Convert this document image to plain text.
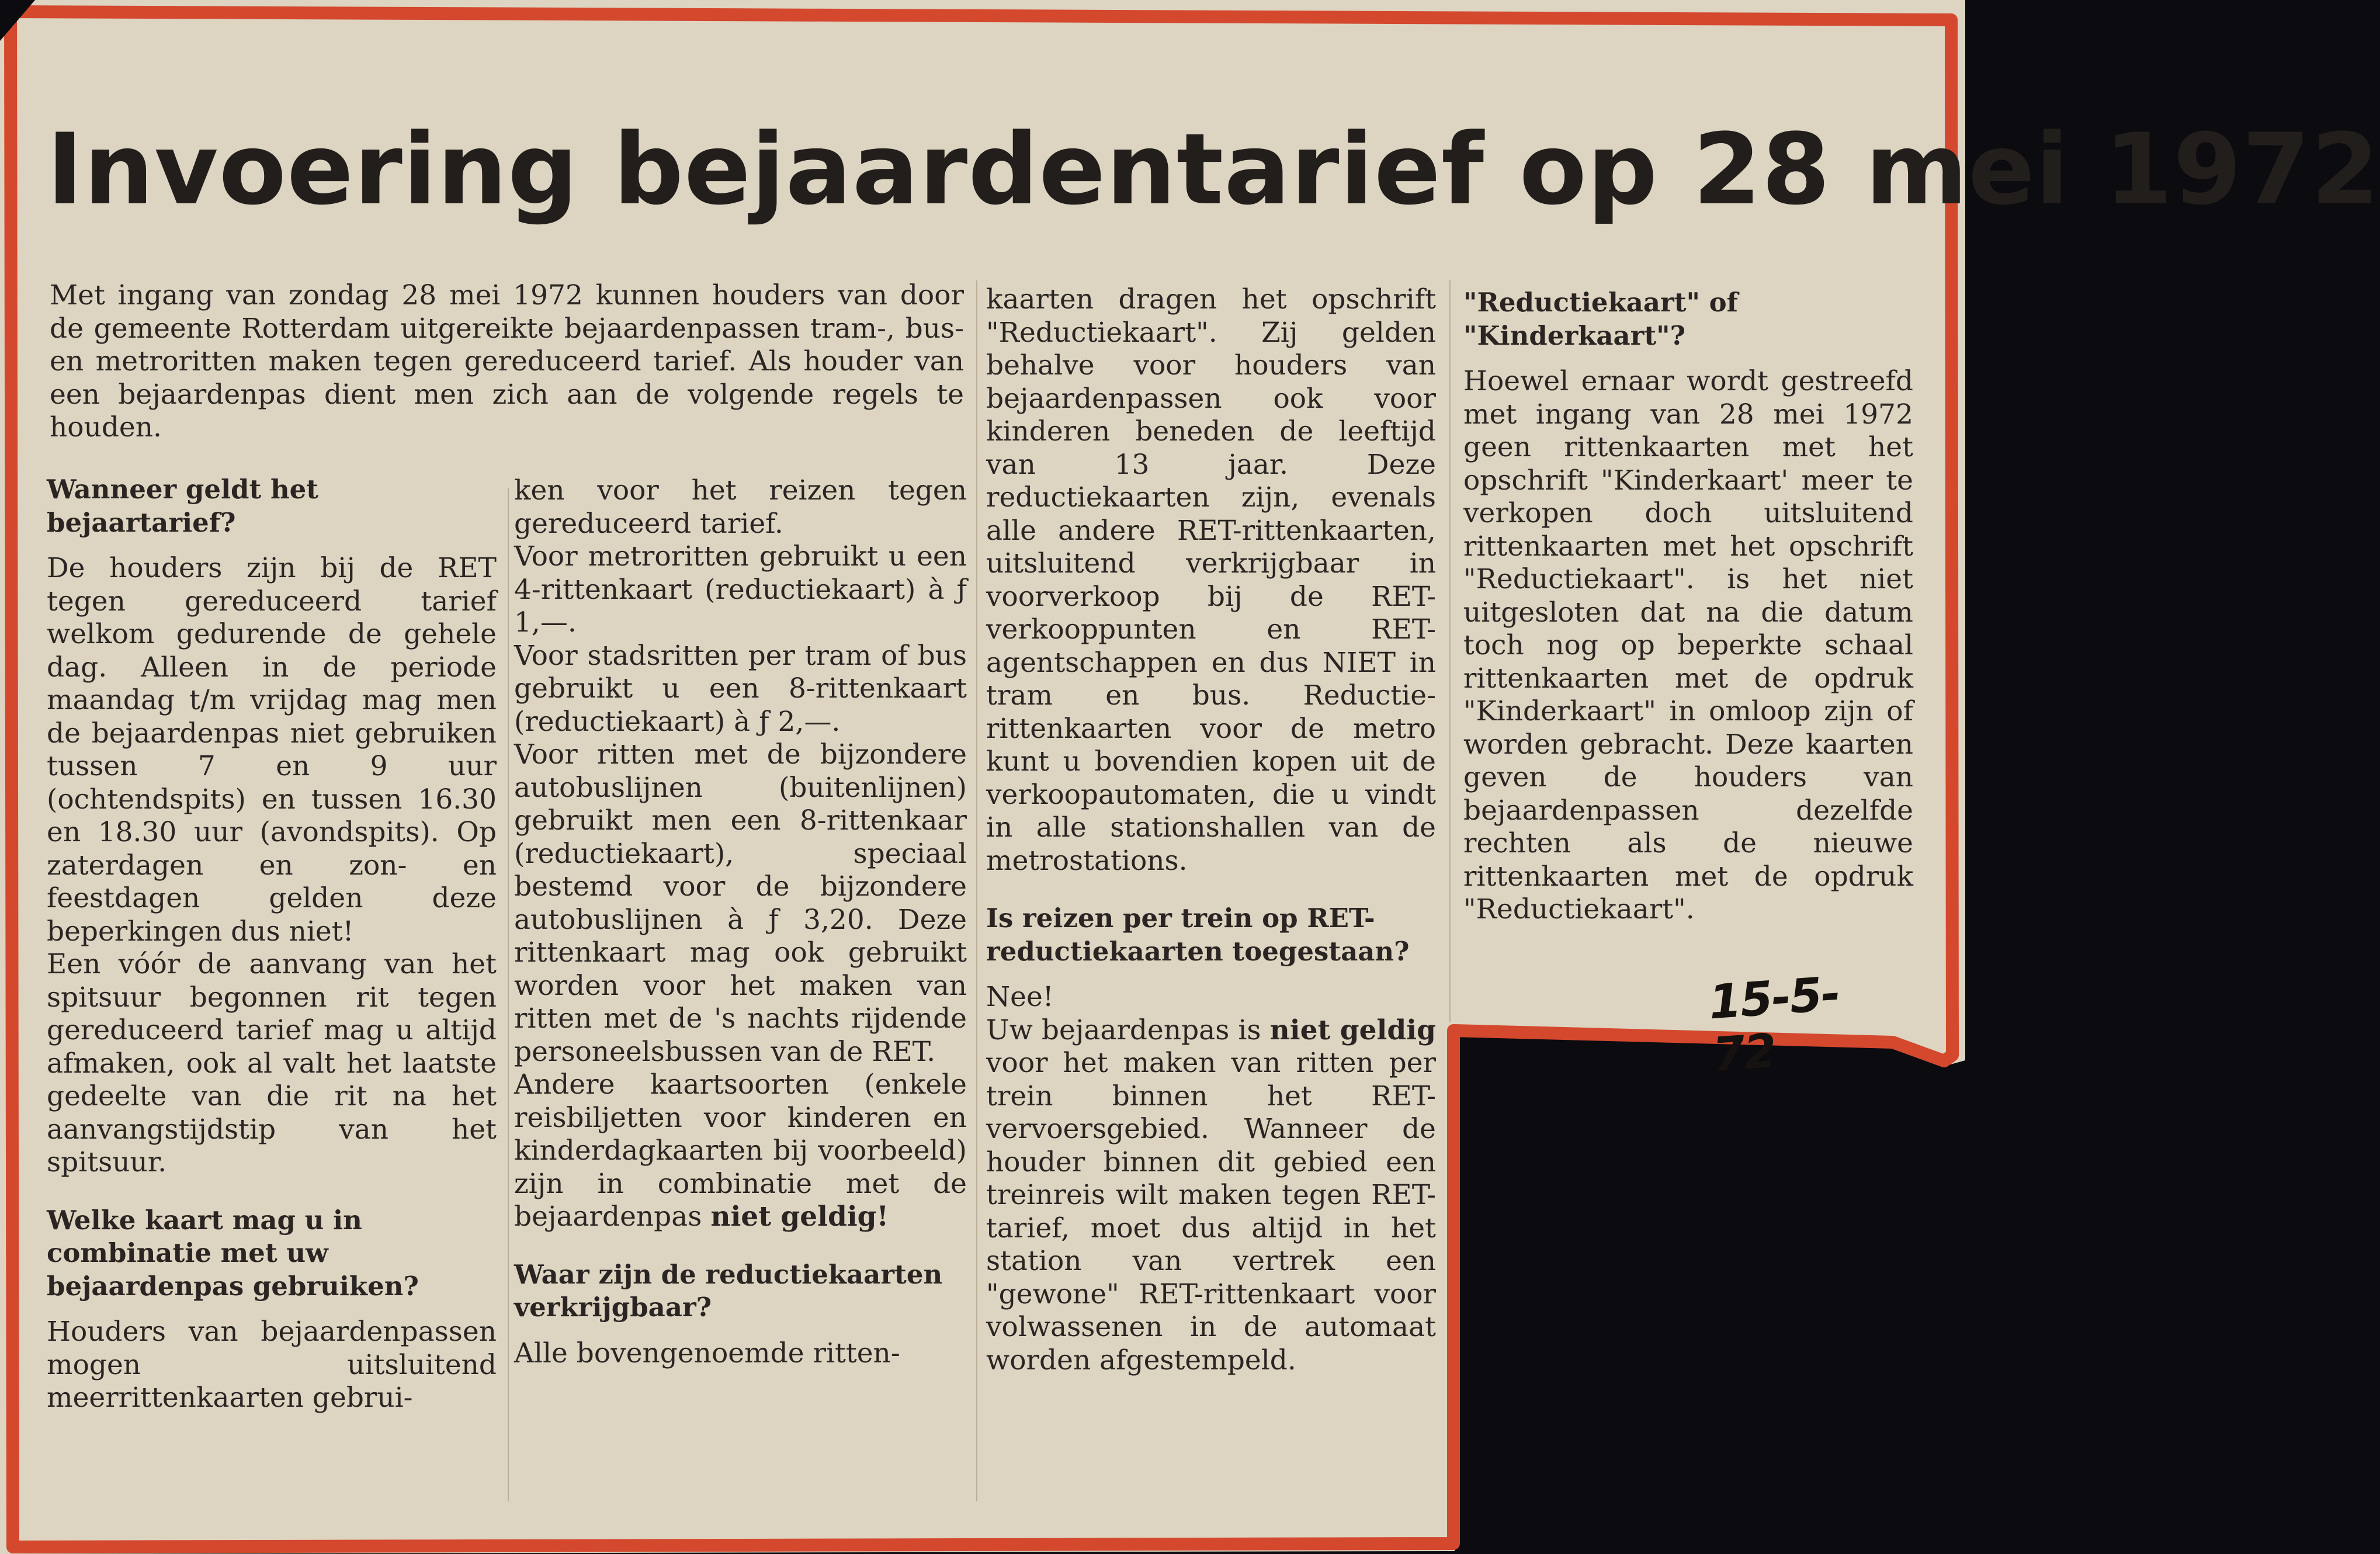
Invoering bejaardentarief op 28 mei 1972
Met ingang van zondag 28 mei 1972 kunnen houders van door de gemeente Rotterdam uitgereikte bejaardenpassen tram-, bus- en metroritten maken tegen gereduceerd tarief. Als houder van een bejaardenpas dient men zich aan de volgende regels te houden.
Wanneer geldt het bejaartarief?

De houders zijn bij de RET tegen gereduceerd tarief welkom gedurende de gehele dag. Alleen in de periode maandag t/m vrijdag mag men de bejaardenpas niet gebruiken tussen 7 en 9 uur (ochtendspits) en tussen 16.30 en 18.30 uur (avondspits). Op zaterdagen en zon- en feestdagen gelden deze beperkingen dus niet!

Een vóór de aanvang van het spitsuur begonnen rit tegen gereduceerd tarief mag u altijd afmaken, ook al valt het laatste gedeelte van die rit na het aanvangstijdstip van het spitsuur.

Welke kaart mag u in combinatie met uw bejaardenpas gebruiken?

Houders van bejaardenpassen mogen uitsluitend meerrittenkaarten gebrui-

ken voor het reizen tegen gereduceerd tarief.

Voor metroritten gebruikt u een 4-rittenkaart (reductiekaart) à ƒ 1,—.

Voor stadsritten per tram of bus gebruikt u een 8-rittenkaart (reductiekaart) à ƒ 2,—.

Voor ritten met de bijzondere autobuslijnen (buitenlijnen) gebruikt men een 8-rittenkaar (reductiekaart), speciaal bestemd voor de bijzondere autobuslijnen à ƒ 3,20. Deze rittenkaart mag ook gebruikt worden voor het maken van ritten met de 's nachts rijdende personeelsbussen van de RET.

Andere kaartsoorten (enkele reisbiljetten voor kinderen en kinderdagkaarten bij voorbeeld) zijn in combinatie met de bejaardenpas niet geldig!

Waar zijn de reductiekaarten verkrijgbaar?

Alle bovengenoemde ritten-

kaarten dragen het opschrift "Reductiekaart". Zij gelden behalve voor houders van bejaardenpassen ook voor kinderen beneden de leeftijd van 13 jaar. Deze reductiekaarten zijn, evenals alle andere RET-rittenkaarten, uitsluitend verkrijgbaar in voorverkoop bij de RET-verkooppunten en RET-agentschappen en dus NIET in tram en bus. Reductie-rittenkaarten voor de metro kunt u bovendien kopen uit de verkoopautomaten, die u vindt in alle stationshallen van de metrostations.

Is reizen per trein op RET-reductiekaarten toegestaan?

Nee!

Uw bejaardenpas is niet geldig voor het maken van ritten per trein binnen het RET-vervoersgebied. Wanneer de houder binnen dit gebied een treinreis wilt maken tegen RET-tarief, moet dus altijd in het station van vertrek een "gewone" RET-rittenkaart voor volwassenen in de automaat worden afgestempeld.

"Reductiekaart" of "Kinderkaart"?

Hoewel ernaar wordt gestreefd met ingang van 28 mei 1972 geen rittenkaarten met het opschrift "Kinderkaart' meer te verkopen doch uitsluitend rittenkaarten met het opschrift "Reductiekaart". is het niet uitgesloten dat na die datum toch nog op beperkte schaal rittenkaarten met de opdruk "Kinderkaart" in omloop zijn of worden gebracht. Deze kaarten geven de houders van bejaardenpassen dezelfde rechten als de nieuwe rittenkaarten met de opdruk "Reductiekaart".

15-5-72
